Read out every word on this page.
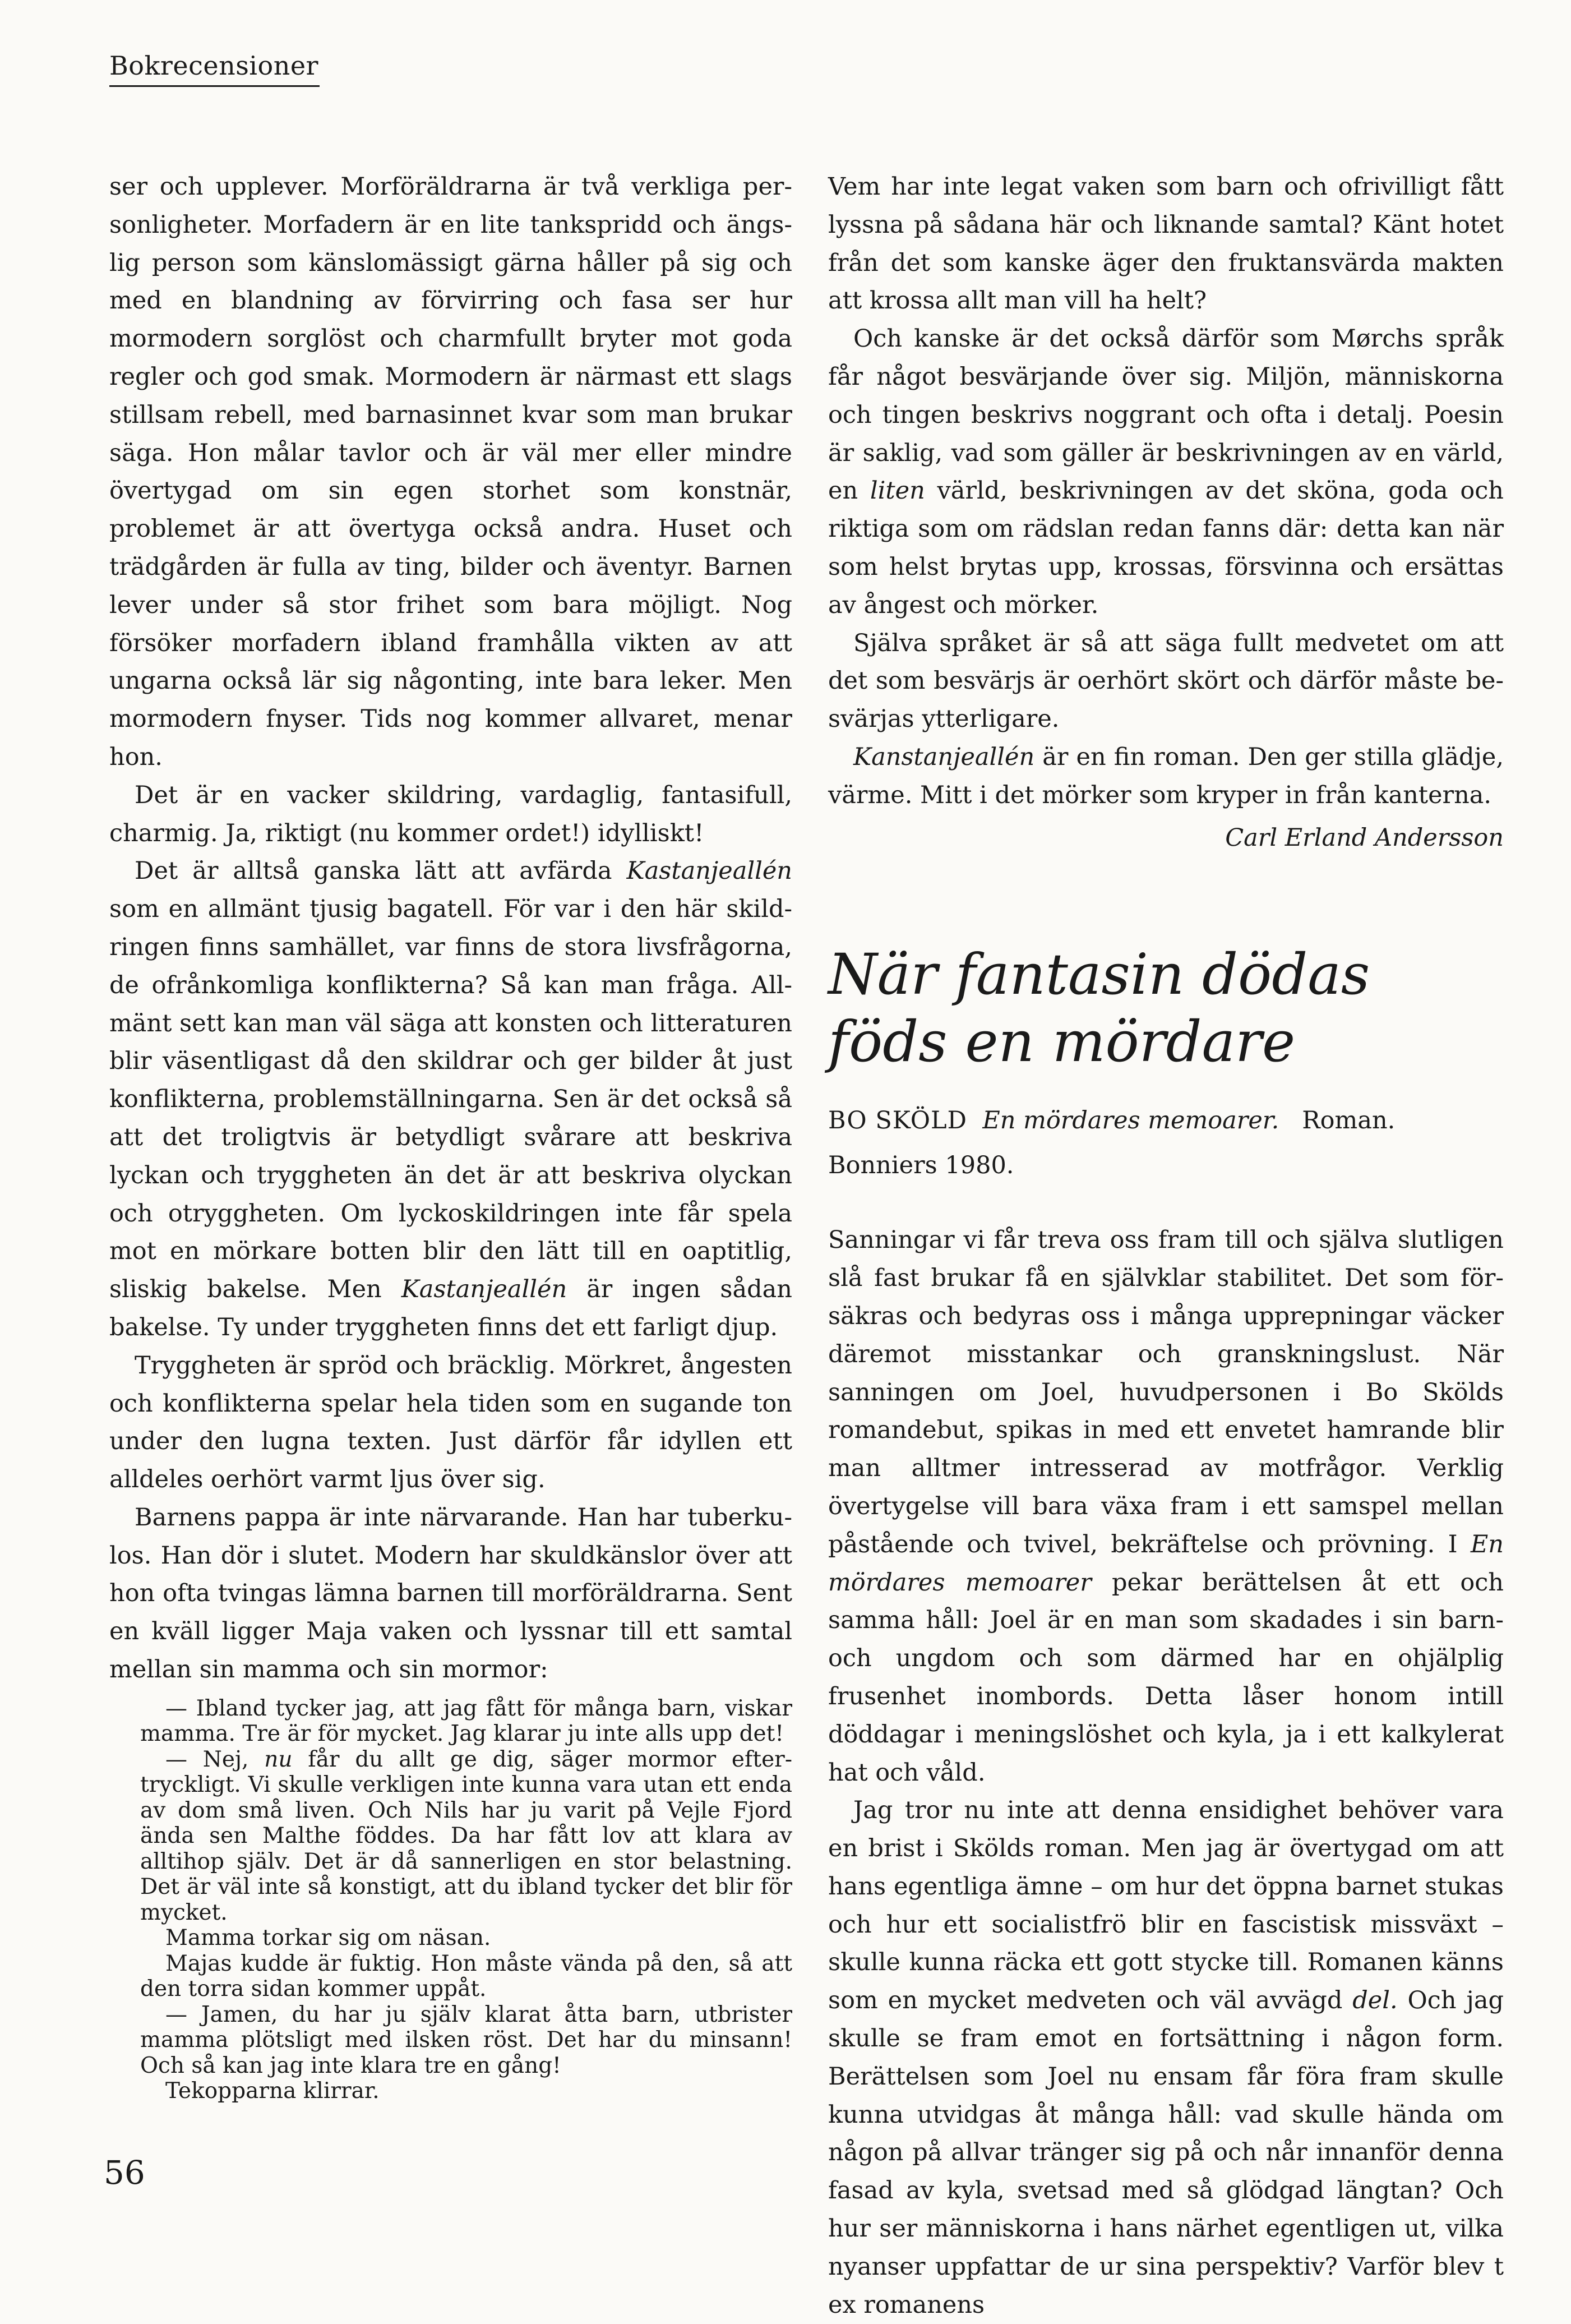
Bokrecensioner

ser och upplever. Morföräldrarna är två verkliga personligheter. Morfadern är en lite tankspridd och ängslig person som känslomässigt gärna håller på sig och med en blandning av förvirring och fasa ser hur mormodern sorglöst och charmfullt bryter mot goda regler och god smak. Mormodern är närmast ett slags stillsam rebell, med barnasinnet kvar som man brukar säga. Hon målar tavlor och är väl mer eller mindre övertygad om sin egen storhet som konstnär, problemet är att övertyga också andra. Huset och trädgården är fulla av ting, bilder och äventyr. Barnen lever under så stor frihet som bara möjligt. Nog försöker morfadern ibland framhålla vikten av att ungarna också lär sig någonting, inte bara leker. Men mormodern fnyser. Tids nog kommer allvaret, menar hon.

Det är en vacker skildring, vardaglig, fantasifull, charmig. Ja, riktigt (nu kommer ordet!) idylliskt!

Det är alltså ganska lätt att avfärda Kastanjeallén som en allmänt tjusig bagatell. För var i den här skildringen finns samhället, var finns de stora livsfrågorna, de ofrånkomliga konflikterna? Så kan man fråga. Allmänt sett kan man väl säga att konsten och litteraturen blir väsentligast då den skildrar och ger bilder åt just konflikterna, problemställningarna. Sen är det också så att det troligtvis är betydligt svårare att beskriva lyckan och tryggheten än det är att beskriva olyckan och otryggheten. Om lyckoskildringen inte får spela mot en mörkare botten blir den lätt till en oaptitlig, sliskig bakelse. Men Kastanjeallén är ingen sådan bakelse. Ty under tryggheten finns det ett farligt djup.

Tryggheten är spröd och bräcklig. Mörkret, ångesten och konflikterna spelar hela tiden som en sugande ton under den lugna texten. Just därför får idyllen ett alldeles oerhört varmt ljus över sig.

Barnens pappa är inte närvarande. Han har tuberkulos. Han dör i slutet. Modern har skuldkänslor över att hon ofta tvingas lämna barnen till morföräldrarna. Sent en kväll ligger Maja vaken och lyssnar till ett samtal mellan sin mamma och sin mormor:

— Ibland tycker jag, att jag fått för många barn, viskar mamma. Tre är för mycket. Jag klarar ju inte alls upp det!

— Nej, nu får du allt ge dig, säger mormor eftertryckligt. Vi skulle verkligen inte kunna vara utan ett enda av dom små liven. Och Nils har ju varit på Vejle Fjord ända sen Malthe föddes. Da har fått lov att klara av alltihop själv. Det är då sannerligen en stor belastning. Det är väl inte så konstigt, att du ibland tycker det blir för mycket.

Mamma torkar sig om näsan.

Majas kudde är fuktig. Hon måste vända på den, så att den torra sidan kommer uppåt.

— Jamen, du har ju själv klarat åtta barn, utbrister mamma plötsligt med ilsken röst. Det har du minsann! Och så kan jag inte klara tre en gång!

Tekopparna klirrar.

Vem har inte legat vaken som barn och ofrivilligt fått lyssna på sådana här och liknande samtal? Känt hotet från det som kanske äger den fruktansvärda makten att krossa allt man vill ha helt?

Och kanske är det också därför som Mørchs språk får något besvärjande över sig. Miljön, människorna och tingen beskrivs noggrant och ofta i detalj. Poesin är saklig, vad som gäller är beskrivningen av en värld, en liten värld, beskrivningen av det sköna, goda och riktiga som om rädslan redan fanns där: detta kan när som helst brytas upp, krossas, försvinna och ersättas av ångest och mörker.

Själva språket är så att säga fullt medvetet om att det som besvärjs är oerhört skört och därför måste besvärjas ytterligare.

Kanstanjeallén är en fin roman. Den ger stilla glädje, värme. Mitt i det mörker som kryper in från kanterna.

Carl Erland Andersson
När fantasin dödas föds en mördare

BO SKÖLD En mördares memoarer. Roman.

Bonniers 1980.

Sanningar vi får treva oss fram till och själva slutligen slå fast brukar få en självklar stabilitet. Det som försäkras och bedyras oss i många upprepningar väcker däremot misstankar och granskningslust. När sanningen om Joel, huvudpersonen i Bo Skölds romandebut, spikas in med ett envetet hamrande blir man alltmer intresserad av motfrågor. Verklig övertygelse vill bara växa fram i ett samspel mellan påstående och tvivel, bekräftelse och prövning. I En mördares memoarer pekar berättelsen åt ett och samma håll: Joel är en man som skadades i sin barn- och ungdom och som därmed har en ohjälplig frusenhet inombords. Detta låser honom intill döddagar i meningslöshet och kyla, ja i ett kalkylerat hat och våld.

Jag tror nu inte att denna ensidighet behöver vara en brist i Skölds roman. Men jag är övertygad om att hans egentliga ämne – om hur det öppna barnet stukas och hur ett socialistfrö blir en fascistisk missväxt – skulle kunna räcka ett gott stycke till. Romanen känns som en mycket medveten och väl avvägd del. Och jag skulle se fram emot en fortsättning i någon form. Berättelsen som Joel nu ensam får föra fram skulle kunna utvidgas åt många håll: vad skulle hända om någon på allvar tränger sig på och når innanför denna fasad av kyla, svetsad med så glödgad längtan? Och hur ser människorna i hans närhet egentligen ut, vilka nyanser uppfattar de ur sina perspektiv? Varför blev t ex romanens

56
